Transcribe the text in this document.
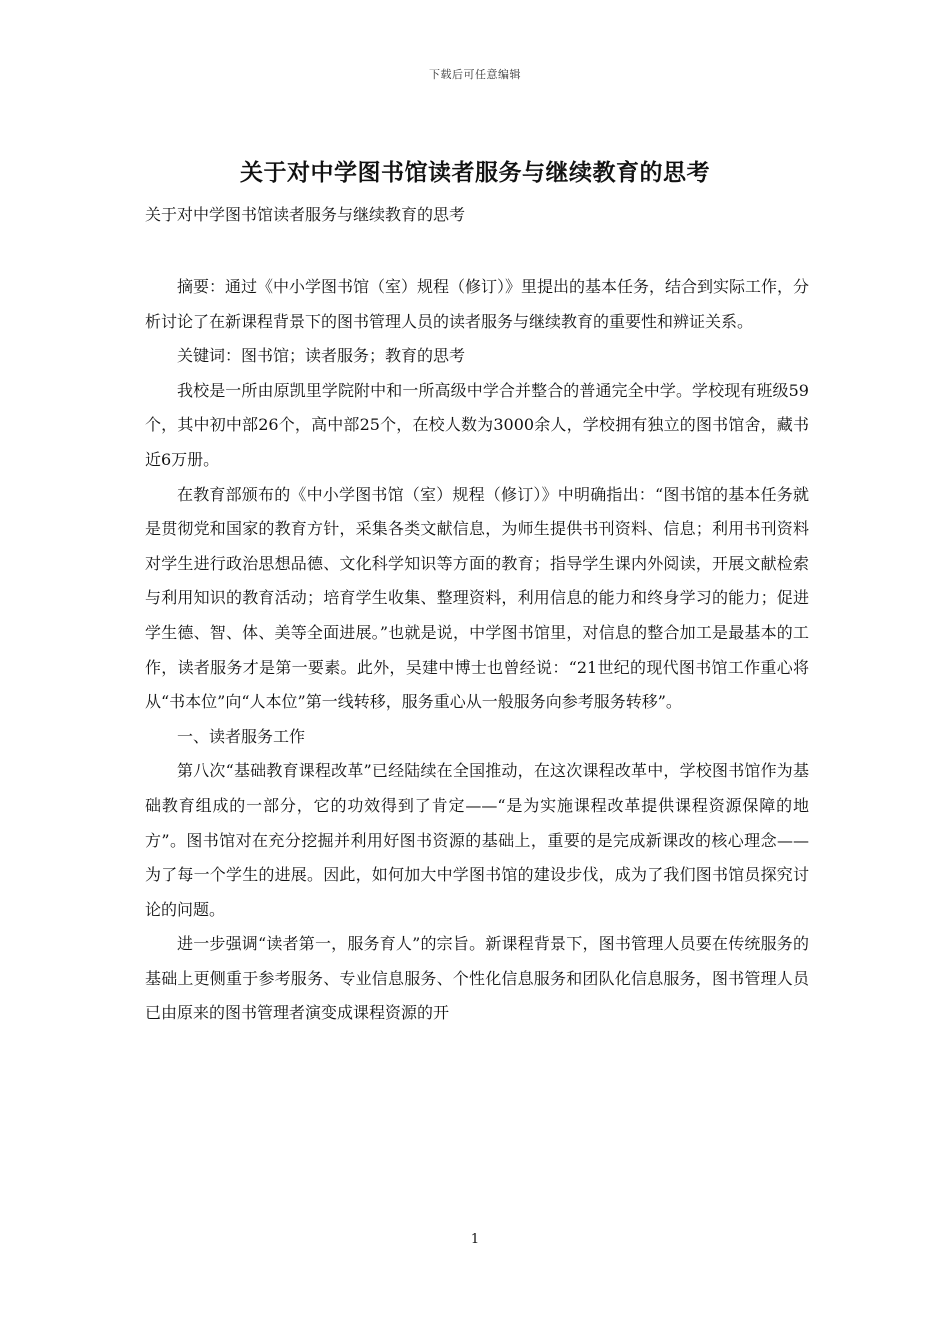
下载后可任意编辑
关于对中学图书馆读者服务与继续教育的思考
关于对中学图书馆读者服务与继续教育的思考

摘要：通过《中小学图书馆（室）规程（修订）》里提出的基本任务，结合到实际工作，分析讨论了在新课程背景下的图书管理人员的读者服务与继续教育的重要性和辨证关系。

关键词：图书馆；读者服务；教育的思考

我校是一所由原凯里学院附中和一所高级中学合并整合的普通完全中学。学校现有班级59个，其中初中部26个，高中部25个，在校人数为3000余人，学校拥有独立的图书馆舍，藏书近6万册。

在教育部颁布的《中小学图书馆（室）规程（修订）》中明确指出：“图书馆的基本任务就是贯彻党和国家的教育方针，采集各类文献信息，为师生提供书刊资料、信息；利用书刊资料对学生进行政治思想品德、文化科学知识等方面的教育；指导学生课内外阅读，开展文献检索与利用知识的教育活动；培育学生收集、整理资料，利用信息的能力和终身学习的能力；促进学生德、智、体、美等全面进展。”也就是说，中学图书馆里，对信息的整合加工是最基本的工作，读者服务才是第一要素。此外，吴建中博士也曾经说：“21世纪的现代图书馆工作重心将从“书本位”向“人本位”第一线转移，服务重心从一般服务向参考服务转移”。

一、读者服务工作

第八次“基础教育课程改革”已经陆续在全国推动，在这次课程改革中，学校图书馆作为基础教育组成的一部分，它的功效得到了肯定——“是为实施课程改革提供课程资源保障的地方”。图书馆对在充分挖掘并利用好图书资源的基础上，重要的是完成新课改的核心理念——为了每一个学生的进展。因此，如何加大中学图书馆的建设步伐，成为了我们图书馆员探究讨论的问题。

进一步强调“读者第一，服务育人”的宗旨。新课程背景下，图书管理人员要在传统服务的基础上更侧重于参考服务、专业信息服务、个性化信息服务和团队化信息服务，图书管理人员已由原来的图书管理者演变成课程资源的开

1
